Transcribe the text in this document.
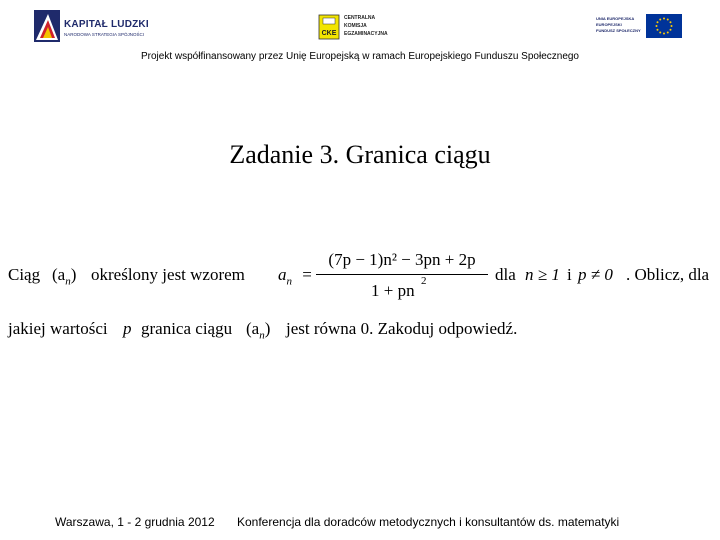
KAPITAŁ LUDZKI
NARODOWA STRATEGIA SPÓJNOŚCI	CKE
CENTRALNA
KOMISJA
EGZAMINACYJNA
UNIA EUROPEJSKA
EUROPEJSKI
FUNDUSZ SPOŁECZNY
Projekt współfinansowany przez Unię Europejską w ramach Europejskiego Funduszu Społecznego
Zadanie 3. Granica ciągu
Ciąg $(a_n)$ określony jest wzorem $a_n$ =
(7p − 1)n² − 3pn + 2p
1 + pn 2	dla n ≥ 1 i p ≠ 0 . Oblicz, dla
jakiej wartości p granica ciągu $(a_n)$ jest równa 0. Zakoduj odpowiedź.
Warszawa, 1 - 2 grudnia 2012 Konferencja dla doradców metodycznych i konsultantów ds. matematyki
